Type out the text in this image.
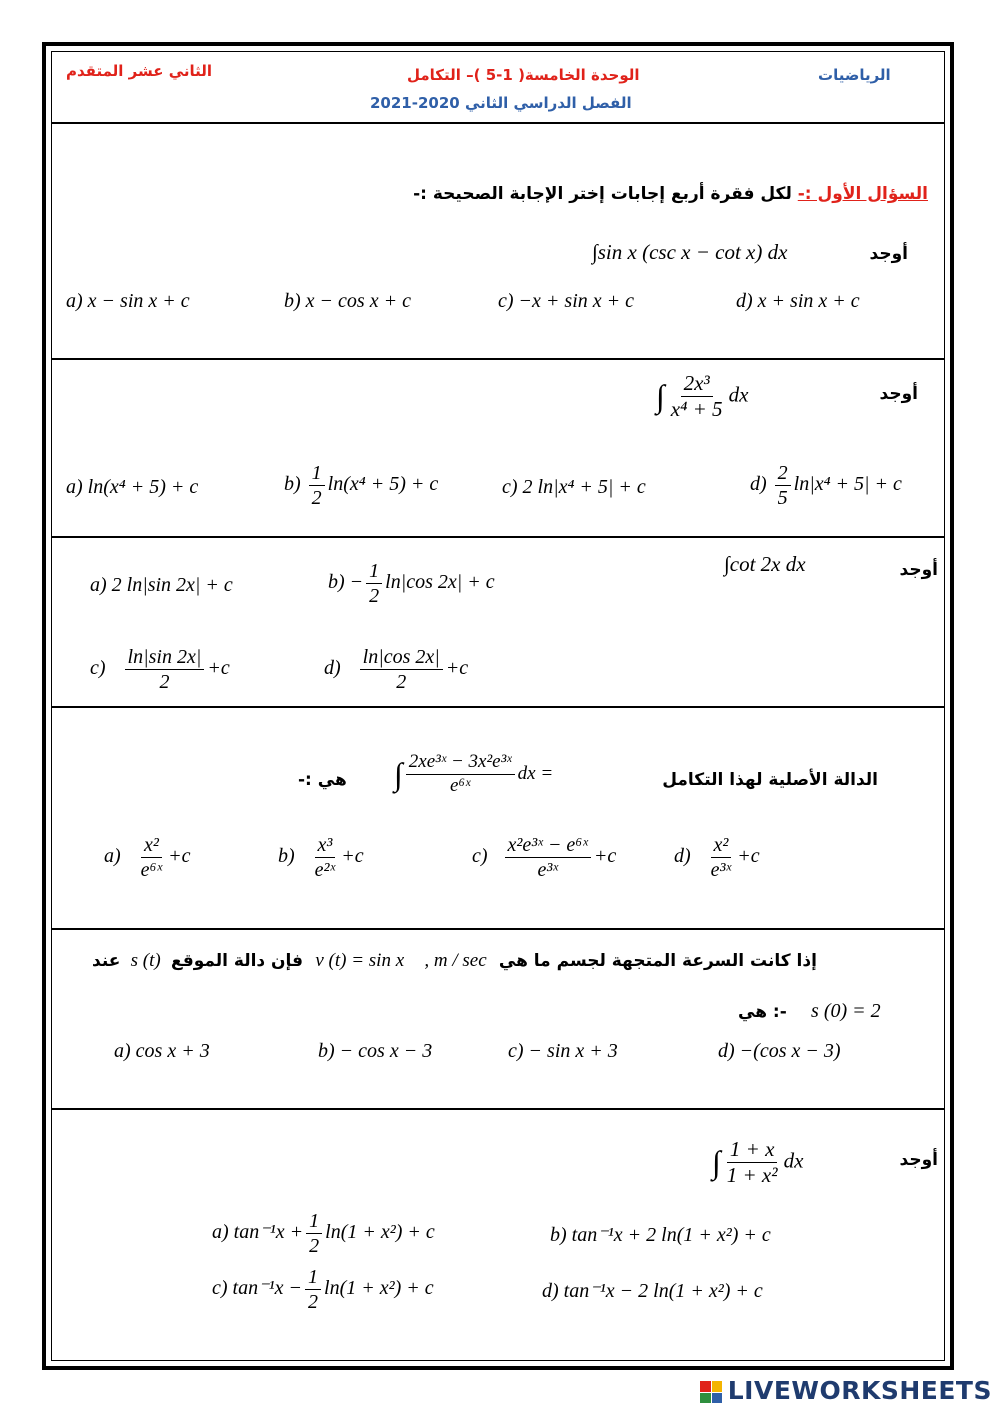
الثاني عشر المتقدم	الوحدة الخامسة( 1-5 )– التكامل
الفصل الدراسي الثاني 2020-2021
الرياضيات
السؤال الأول :- لكل فقرة أربع إجابات إختر الإجابة الصحيحة :-
أوجد
∫sin x (csc x − cot x) dx
a) x − sin x + c	b) x − cos x + c	c) −x + sin x + c	d) x + sin x + c
أوجد
∫ $\frac{\text{2x³}}{\text{x⁴ + 5}}$ dx
a) ln(x⁴ + 5) + c	$b) \frac{1}{2} \ln(x^4 + 5) + c$	c) 2 ln|x⁴ + 5| + c	$d) \frac{2}{5} \ln|x^4 + 5| + c$
أوجد
∫cot 2x dx
a) 2 ln|sin 2x| + c	$b) - \frac{1}{2} \ln|\cos$ 2x| + c
$c) \frac{\ln|\sin 2x|}{2} +c$	$d) \frac{\ln|\cos 2x|}{2} +c$
الدالة الأصلية لهذا التكامل
هي :- ∫ $\frac{\text{2xe³ˣ − 3x²e³ˣ}}{\text{e⁶ˣ}}$ dx =
$a) \frac{\text{x²}}{\text{e⁶ˣ}} +c$	$b) \frac{\text{x³}}{\text{e²ˣ}} +c$	$c) \frac{\text{x²e³ˣ − e⁶ˣ}}{\text{e³ˣ}} +c$	$d) \frac{\text{x²}}{\text{e³ˣ}} +c$
عند s (t) فإن دالة الموقع v (t) = sin x , m / sec إذا كانت السرعة المتجهة لجسم ما هي
هي :- s (0) = 2
a) cos x + 3	b) − cos x − 3	c) − sin x + 3	d) −(cos x − 3)
أوجد
∫ $\frac{1 + x}{\text{1 + x²}}$ dx
a) $\tan^{-1}x + \frac{1}{2} \ln(1 + x^2) + c$	b) tan⁻¹x + 2 ln(1 + x²) + c
c) $\tan^{-1}x - \frac{1}{2} \ln(1 + x^2) + c$	d) tan⁻¹x − 2 ln(1 + x²) + c
LIVEWORKSHEETS
